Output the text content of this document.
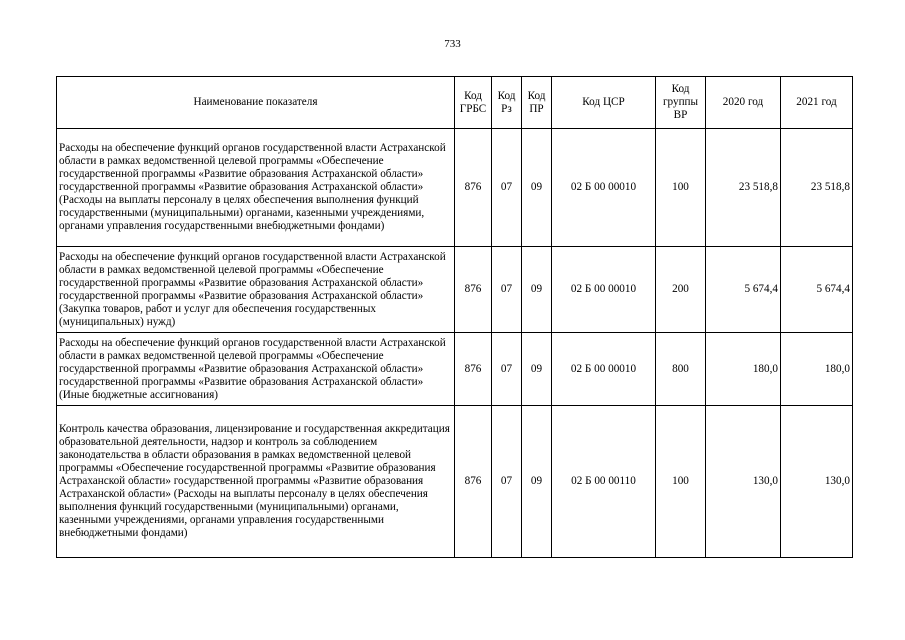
733
Наименование показателя	Код ГРБС	Код Рз	Код ПР	Код ЦСР	Код группы ВР	2020 год	2021 год
Расходы на обеспечение функций органов государственной власти Астраханской области в рамках ведомственной целевой программы «Обеспечение государственной программы «Развитие образования Астраханской области» государственной программы «Развитие образования Астраханской области» (Расходы на выплаты персоналу в целях обеспечения выполнения функций государственными (муниципальными) органами, казенными учреждениями, органами управления государственными внебюджетными фондами)	876	07	09	02 Б 00 00010	100	23 518,8	23 518,8
Расходы на обеспечение функций органов государственной власти Астраханской области в рамках ведомственной целевой программы «Обеспечение государственной программы «Развитие образования Астраханской области» государственной программы «Развитие образования Астраханской области» (Закупка товаров, работ и услуг для обеспечения государственных (муниципальных) нужд)	876	07	09	02 Б 00 00010	200	5 674,4	5 674,4
Расходы на обеспечение функций органов государственной власти Астраханской области в рамках ведомственной целевой программы «Обеспечение государственной программы «Развитие образования Астраханской области» государственной программы «Развитие образования Астраханской области» (Иные бюджетные ассигнования)	876	07	09	02 Б 00 00010	800	180,0	180,0
Контроль качества образования, лицензирование и государственная аккредитация образовательной деятельности, надзор и контроль за соблюдением законодательства в области образования в рамках ведомственной целевой программы «Обеспечение государственной программы «Развитие образования Астраханской области» государственной программы «Развитие образования Астраханской области» (Расходы на выплаты персоналу в целях обеспечения выполнения функций государственными (муниципальными) органами, казенными учреждениями, органами управления государственными внебюджетными фондами)	876	07	09	02 Б 00 00110	100	130,0	130,0
